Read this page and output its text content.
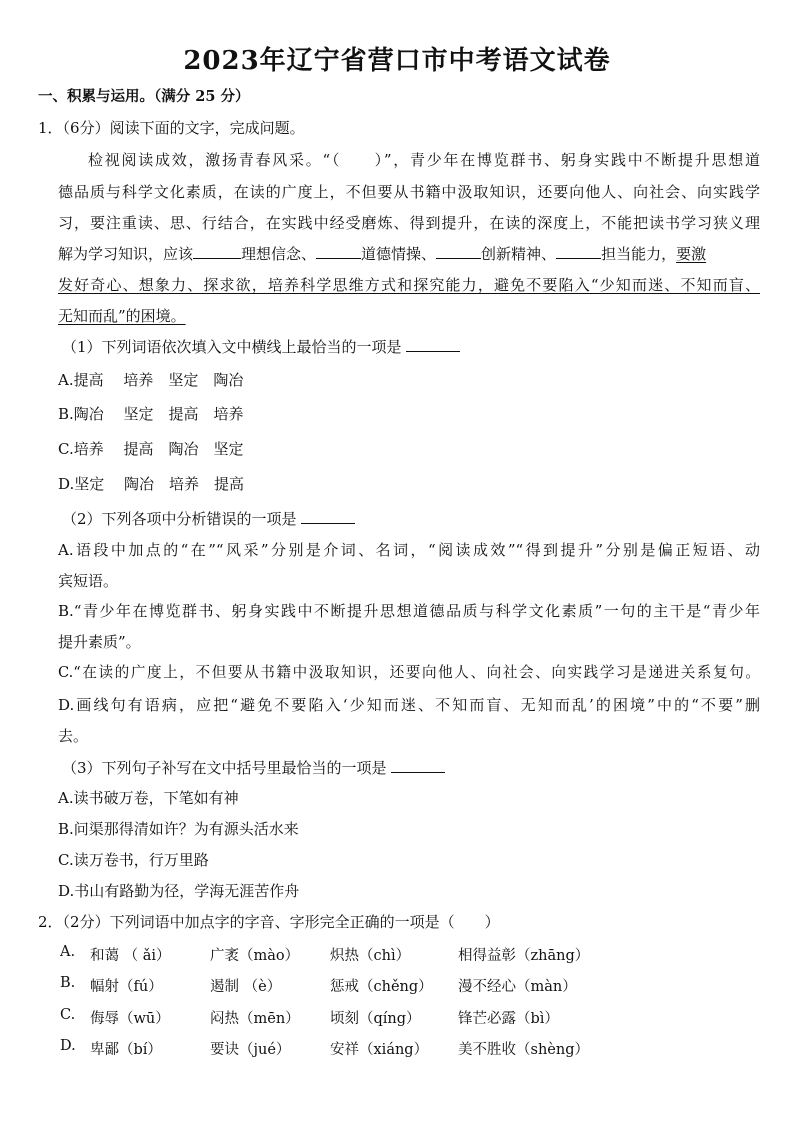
2023年辽宁省营口市中考语文试卷
一、积累与运用。（满分 25 分）
1．（6分）阅读下面的文字，完成问题。
检视阅读成效，激扬青春风采。“（　　）”，青少年在博览群书、躬身实践中不断提升思想道
德品质与科学文化素质，在读的广度上，不但要从书籍中汲取知识，还要向他人、向社会、向实践学
习，要注重读、思、行结合，在实践中经受磨炼、得到提升，在读的深度上，不能把读书学习狭义理
解为学习知识，应该	理想信念、	道德情操、	创新精神、	担当能力，要激
发好奇心、想象力、探求欲，培养科学思维方式和探究能力，避免不要陷入“少知而迷、不知而盲、
无知而乱”的困境。
（1）下列词语依次填入文中横线上最恰当的一项是
A.提高　 培养　坚定　陶冶
B.陶冶　 坚定　提高　培养
C.培养　 提高　陶冶　坚定
D.坚定　 陶冶　培养　提高
（2）下列各项中分析错误的一项是
A.语段中加点的“在”“风采”分别是介词、名词，“阅读成效”“得到提升”分别是偏正短语、动
宾短语。
B.“青少年在博览群书、躬身实践中不断提升思想道德品质与科学文化素质”一句的主干是“青少年
提升素质”。
C.“在读的广度上，不但要从书籍中汲取知识，还要向他人、向社会、向实践学习是递进关系复句。
D.画线句有语病，应把“避免不要陷入‘少知而迷、不知而盲、无知而乱’的困境”中的“不要”删
去。
（3）下列句子补写在文中括号里最恰当的一项是
A.读书破万卷，下笔如有神
B.问渠那得清如许？为有源头活水来
C.读万卷书，行万里路
D.书山有路勤为径，学海无涯苦作舟
2．（2分）下列词语中加点字的字音、字形完全正确的一项是（　　）
A. 和蔼 （ ǎi）	广袤（mào） 炽热（chì）	相得益彰（zhāng）
B. 幅射（fú）	遏制 （è）	惩戒（chěng） 漫不经心（màn）
C. 侮辱（wū）	闷热（mēn） 顷刻（qíng）	锋芒必露（bì）
D. 卑鄙（bí）	要诀（jué）	安祥（xiáng） 美不胜收（shèng）
